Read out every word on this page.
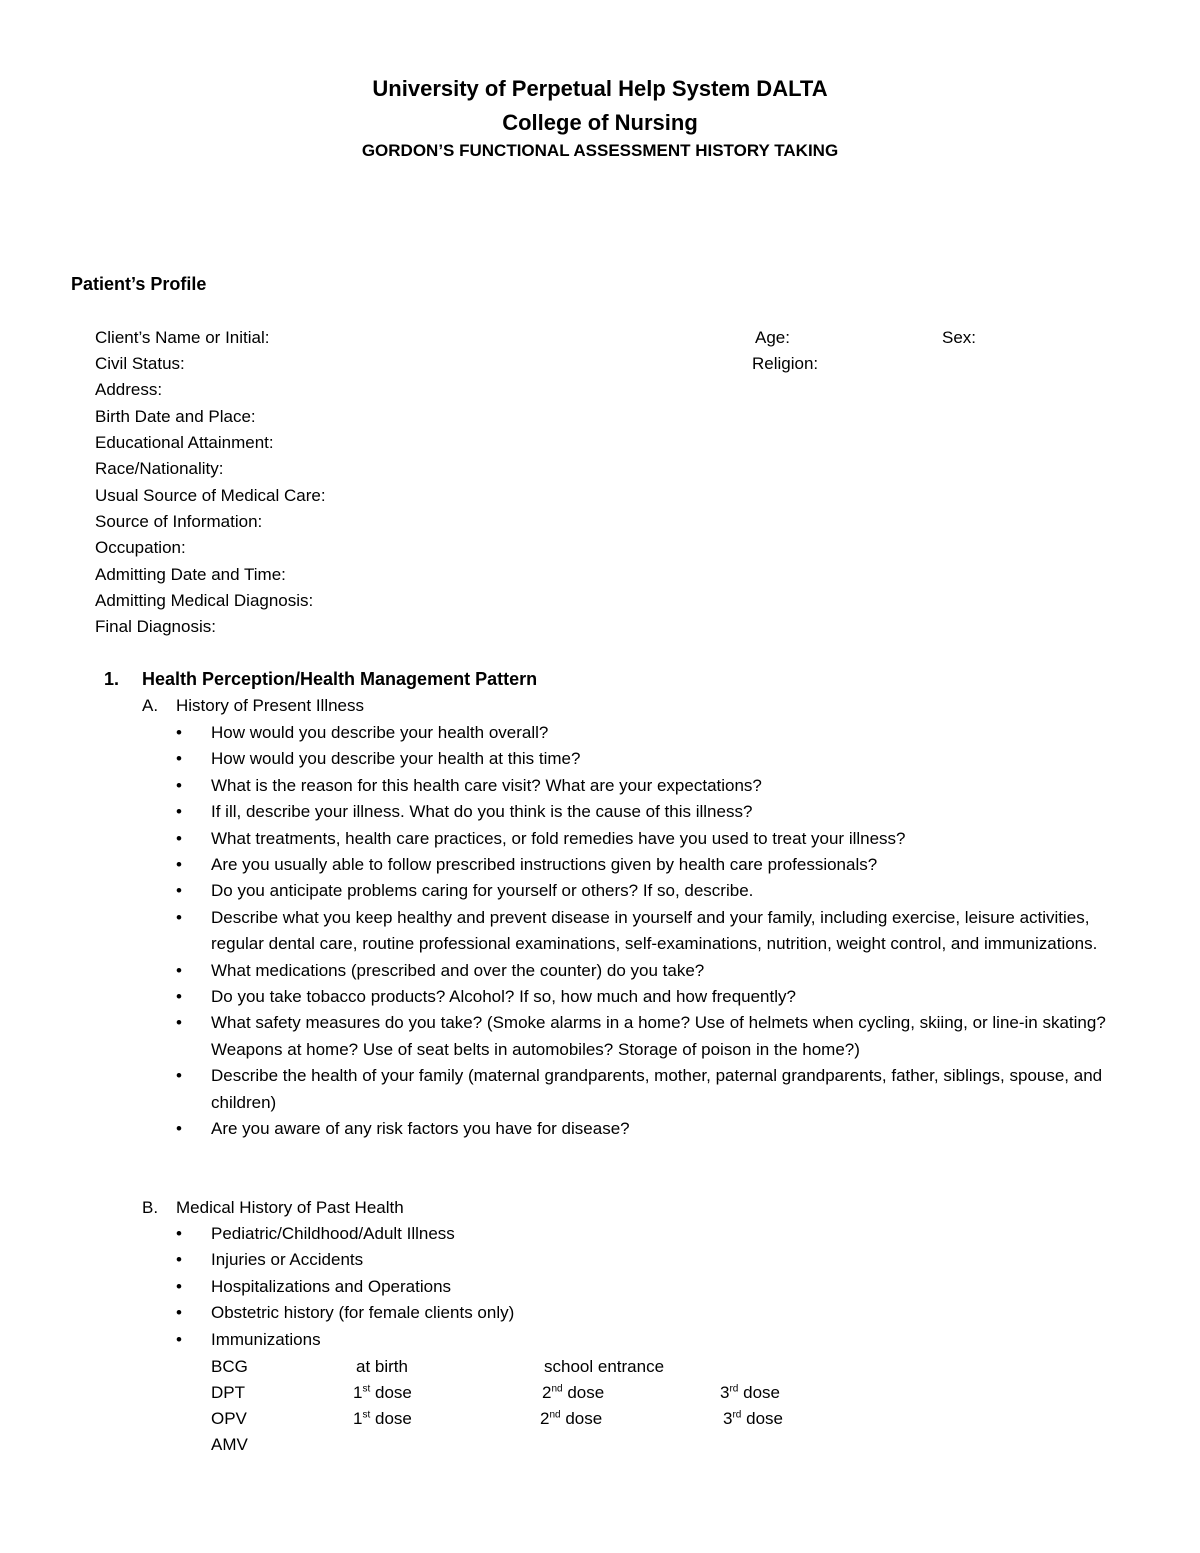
University of Perpetual Help System DALTA
College of Nursing
GORDON’S FUNCTIONAL ASSESSMENT HISTORY TAKING
Patient’s Profile
Client’s Name or Initial:	Age:	Sex:
Civil Status:	Religion:
Address:
Birth Date and Place:
Educational Attainment:
Race/Nationality:
Usual Source of Medical Care:
Source of Information:
Occupation:
Admitting Date and Time:
Admitting Medical Diagnosis:
Final Diagnosis:
1. Health Perception/Health Management Pattern
A. History of Present Illness
• How would you describe your health overall?
• How would you describe your health at this time?
• What is the reason for this health care visit? What are your expectations?
• If ill, describe your illness. What do you think is the cause of this illness?
• What treatments, health care practices, or fold remedies have you used to treat your illness?
• Are you usually able to follow prescribed instructions given by health care professionals?
• Do you anticipate problems caring for yourself or others? If so, describe.
• Describe what you keep healthy and prevent disease in yourself and your family, including exercise, leisure activities, regular dental care, routine professional examinations, self-examinations, nutrition, weight control, and immunizations.
• What medications (prescribed and over the counter) do you take?
• Do you take tobacco products? Alcohol? If so, how much and how frequently?
• What safety measures do you take? (Smoke alarms in a home? Use of helmets when cycling, skiing, or line-in skating? Weapons at home? Use of seat belts in automobiles? Storage of poison in the home?)
• Describe the health of your family (maternal grandparents, mother, paternal grandparents, father, siblings, spouse, and children)
• Are you aware of any risk factors you have for disease?
B. Medical History of Past Health
• Pediatric/Childhood/Adult Illness
• Injuries or Accidents
• Hospitalizations and Operations
• Obstetric history (for female clients only)
• Immunizations
BCG	at birth	school entrance
DPT	1st dose	2nd dose	3rd dose
OPV	1st dose	2nd dose	3rd dose
AMV
